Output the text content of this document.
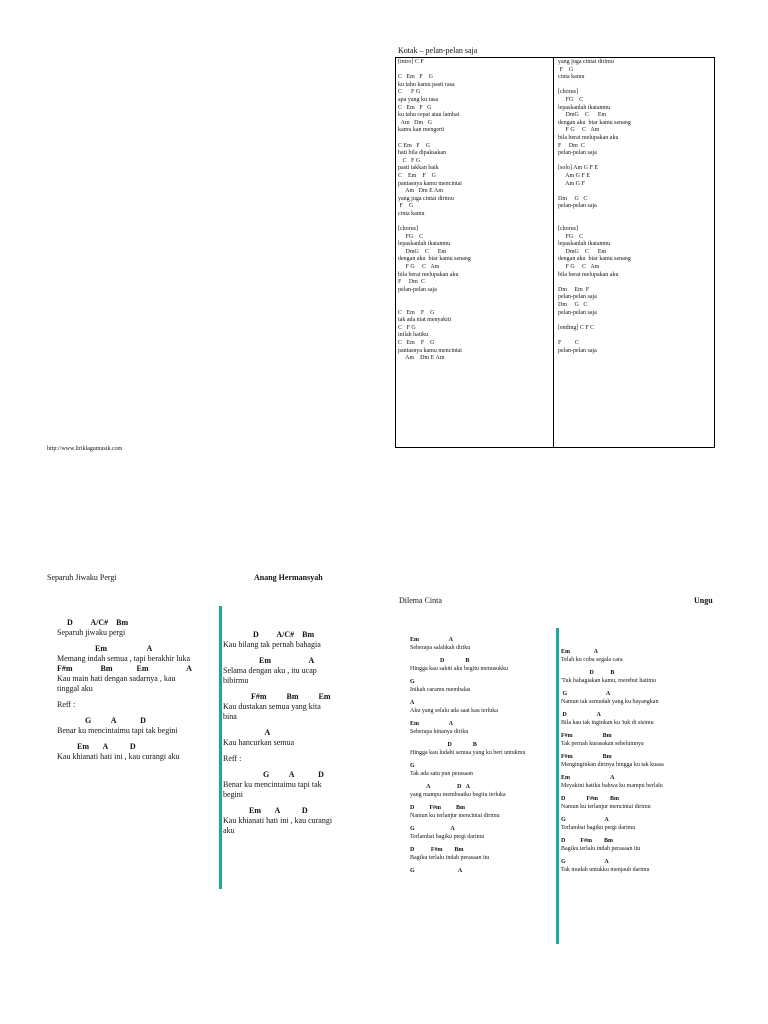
Kotak – pelan-pelan saja
[intro] C F

C   Em   F    G
ku tahu kamu pasti rasa
C      F G
apa yang ku rasa
C   Em   F   G
ku tahu cepat atau lambat
Am   Dm   G
kamu kan mengerti

C Em   F    G
hati bila dipaksakan
C   F G
pasti takkan baik
C    Em    F    G
pantasnya kamu mencintai
Am   Dm E Am
yang juga cintai dirimu
F    G
cinta kamu

[chorus]
FG    C
lepaskanlah ikatanmu
DmG    C      Em
dengan aku  biar kamu senang
F G     C   Am
bila berat melupakan aku
F     Dm  C
pelan-pelan saja

C   Em    F    G
tak ada niat menyakiti
C   F G
inilah hatiku
C   Em    F    G
pantasnya kamu mencintai
Am    Dm E Am
yang juga cintai dirimu
F    G
cinta kamu

[chorus]
FG    C
lepaskanlah ikatanmu
DmG    C      Em
dengan aku  biar kamu senang
F G     C   Am
bila berat melupakan aku
F     Dm  C
pelan-pelan saja

[solo] Am G F E
Am G F E
Am G F

Dm     G   C
pelan-pelan saja

[chorus]
FG    C
lepaskanlah ikatanmu
DmG    C      Em
dengan aku  biar kamu senang
F G     C   Am
bila berat melupakan aku

Dm     Em  F
pelan-pelan saja
Dm     G   C
pelan-pelan saja

[ending] C F C

F         C
pelan-pelan saja
http://www.liriklagumusik.com
Separuh Jiwaku Pergi	Anang Hermansyah
D         A/C#    Bm
Separuh jiwaku pergi

Em                    A
Memang indah semua , tapi berakhir luka
F#m              Bm            Em                   A
Kau main hati dengan sadarnya , kau
tinggal aku

Reff :

G          A            D
Benar ku mencintaimu tapi tak begini

Em       A           D
Kau khianati hati ini , kau curangi aku
D         A/C#    Bm
Kau bilang tak pernah bahagia

Em                   A
Selama dengan aku , itu ucap
bibirmu

F#m          Bm          Em
Kau dustakan semua yang kita
bina

A
Kau hancurkan semua

Reff :

G          A            D
Benar ku mencintaimu tapi tak
begini

Em       A           D
Kau khianati hati ini , kau curangi
aku
Dilema Cinta	Ungu
Em                    A
Seberapa salahkah diriku

D              B
Hingga kau sakiti aku begitu menusukku

G
Inikah caramu membalas

A
Aku yang selalu ada saat kau terluka

Em                    A
Seberapa hinanya diriku

D              B
Hingga kau ludahi semua yang ku beri untukmu

G
Tak ada satu pun perasaan

A                  D   A
yang mampu membuatku begitu terluka

D          F#m          Bm
Namun ku terlanjur mencintai dirimu

G                        A
Terlambat bagiku pergi darimu

D           F#m        Bm
Bagiku terlalu indah perasaan itu

G                             A
Em                A
Telah ku coba segala cara

D           B
'Tuk bahagiakan kamu, merebut hatimu

G                          A
Namun tak semudah yang ku bayangkan

D                    A
Bila kau tak inginkan ku 'tuk di sisimu

F#m                    Bm
Tak pernah kurasakan sebelumnya

F#m                    Bm
Menginginkan dirinya hingga ku tak kuasa

Em                           A
Meyakini hatiku bahwa ku mampu berlalu

D              F#m        Bm
Namun ku terlanjur mencintai dirimu

G                          A
Terlambat bagiku pergi darimu

D          F#m        Bm
Bagiku terlalu indah perasaan itu

G                          A
Tak mudah untukku menjauh darimu
